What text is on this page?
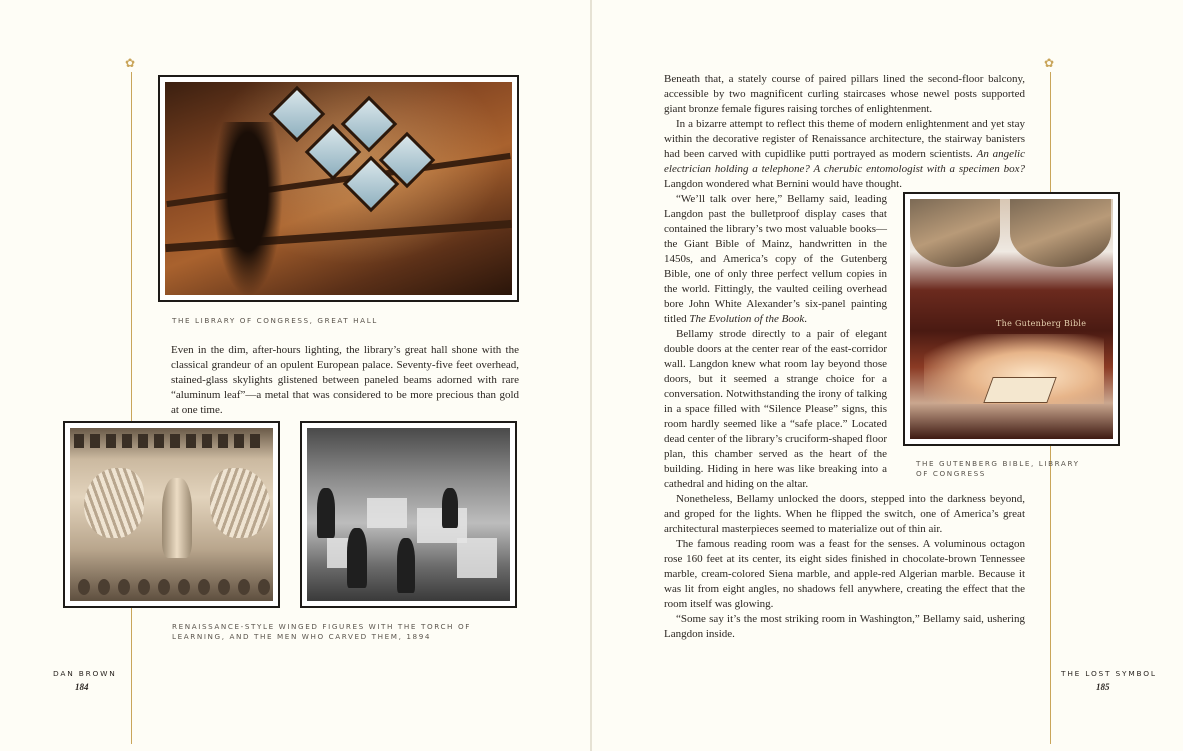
✿
THE LIBRARY OF CONGRESS, GREAT HALL

Even in the dim, after-hours lighting, the library’s great hall shone with the classical grandeur of an opulent European palace. Seventy-five feet overhead, stained-glass skylights glistened between paneled beams adorned with rare “aluminum leaf”—a metal that was considered to be more precious than gold at one time.

RENAISSANCE-STYLE WINGED FIGURES WITH THE TORCH OF LEARNING, AND THE MEN WHO CARVED THEM, 1894
DAN BROWN
184
✿

Beneath that, a stately course of paired pillars lined the second-floor balcony, accessible by two magnificent curling staircases whose newel posts supported giant bronze female figures raising torches of enlightenment.

In a bizarre attempt to reflect this theme of modern enlightenment and yet stay within the decorative register of Renaissance architecture, the stairway banisters had been carved with cupidlike putti portrayed as modern scientists. An angelic electrician holding a telephone? A cherubic entomologist with a specimen box? Langdon wondered what Bernini would have thought.

“We’ll talk over here,” Bellamy said, leading Langdon past the bulletproof display cases that contained the library’s two most valuable books—the Giant Bible of Mainz, handwritten in the 1450s, and America’s copy of the Gutenberg Bible, one of only three perfect vellum copies in the world. Fittingly, the vaulted ceiling overhead bore John White Alexander’s six-panel painting titled The Evolution of the Book.

Bellamy strode directly to a pair of elegant double doors at the center rear of the east-corridor wall. Langdon knew what room lay beyond those doors, but it seemed a strange choice for a conversation. Notwithstanding the irony of talking in a space filled with “Silence Please” signs, this room hardly seemed like a “safe place.” Located dead center of the library’s cruciform-shaped floor plan, this chamber served as the heart of the building. Hiding in here was like breaking into a cathedral and hiding on the altar.

Nonetheless, Bellamy unlocked the doors, stepped into the darkness beyond, and groped for the lights. When he flipped the switch, one of America’s great architectural masterpieces seemed to materialize out of thin air.

The famous reading room was a feast for the senses. A voluminous octagon rose 160 feet at its center, its eight sides finished in chocolate-brown Tennessee marble, cream-colored Siena marble, and apple-red Algerian marble. Because it was lit from eight angles, no shadows fell anywhere, creating the effect that the room itself was glowing.

“Some say it’s the most striking room in Washington,” Bellamy said, ushering Langdon inside.

The Gutenberg Bible
THE GUTENBERG BIBLE, LIBRARY OF CONGRESS
THE LOST SYMBOL
185
